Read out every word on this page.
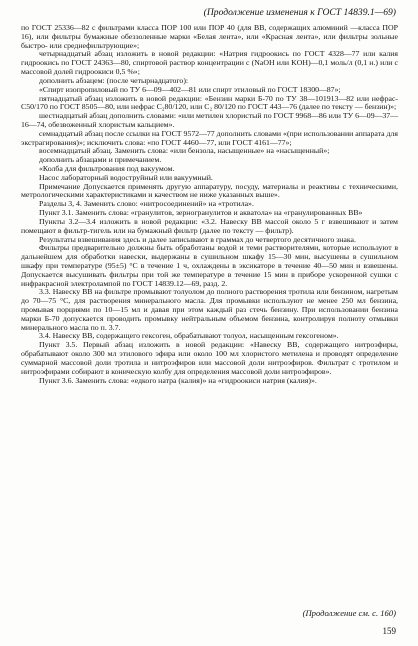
(Продолжение изменения к ГОСТ 14839.1—69)

по ГОСТ 25336—82 с фильтрами класса ПОР 100 или ПОР 40 (для ВВ, содержащих алюминий —класса ПОР 16), или фильтры бумажные обеззоленные марки «Белая лента», или «Красная лента», или фильтры зольные быстро- или среднефильтрующие»;

четырнадцатый абзац изложить в новой редакции: «Натрия гидроокись по ГОСТ 4328—77 или калия гидроокись по ГОСТ 24363—80, спиртовой раствор концентрации с (NaOH или KOH)—0,1 моль/л (0,1 н.) или с массовой долей гидроокиси 0,5 %»;

дополнить абзацем: (после четырнадцатого):

«Спирт изопропиловый по ТУ 6—09—402—81 или спирт этиловый по ГОСТ 18300—87»;

пятнадцатый абзац изложить в новой редакции: «Бензин марки Б-70 по ТУ 38—101913—82 или нефрас-С50/170 по ГОСТ 8505—80, или нефрас С₂80/120, или С₂ 80/120 по ГОСТ 443—76 (далее по тексту — бензин)»;

шестнадцатый абзац дополнить словами: «или метилен хлористый по ГОСТ 9968—86 или ТУ 6—09—37—16—74, обезвоженный хлористым кальцием».

семнадцатый абзац после ссылки на ГОСТ 9572—77 дополнить словами «(при использовании аппарата для экстрагирования)»; исключить слова: «по ГОСТ 4460—77, или ГОСТ 4161—77»;

восемнадцатый абзац. Заменить слова: «или бензола, насыщенные» на «насыщенный»;

дополнить абзацами и примечанием.

«Колба для фильтрования под вакуумом.

Насос лабораторный водоструйный или вакуумный.

Примечание Допускается применять другую аппаратуру, посуду, материалы и реактивы с техническими, метрологическими характеристиками и качеством не ниже указанных выше».

Разделы 3, 4. Заменить слово: «нитросоединений» на «тротила».

Пункт 3.1. Заменить слова: «гранулитов, зерногранулитов и акватола» на «гранулированных ВВ»

Пункты 3.2—3.4 изложить в новой редакции: «3.2. Навеску ВВ массой около 5 г взвешивают и затем помещают в фильтр-тигель или на бумажный фильтр (далее по тексту — фильтр).

Результаты взвешивания здесь и далее записывают в граммах до четвертого десятичного знака.

Фильтры предварительно должны быть обработаны водой и теми растворителями, которые используют в дальнейшем для обработки навески, выдержаны в сушильном шкафу 15—30 мин, высушены в сушильном шкафу при температуре (95±5) °С в течение 1 ч, охлаждены в эксикаторе в течение 40—50 мин и взвешены. Допускается высушивать фильтры при той же температуре в течение 15 мин в приборе ускоренной сушки с инфракрасной электролампой по ГОСТ 14839.12—69, разд. 2.

3.3. Навеску ВВ на фильтре промывают толуолом до полного растворения тротила или бензином, нагретым до 70—75 °С, для растворения минерального масла. Для промывки используют не менее 250 мл бензина, промывая порциями по 10—15 мл и давая при этом каждый раз стечь бензину. При использовании бензина марки Б-70 допускается проводить промывку нейтральным объемом бензина, контролируя полноту отмывки минерального масла по п. 3.7.

3.4. Навеску ВВ, содержащего гексоген, обрабатывают толуол, насыщенным гексогеном».

Пункт 3.5. Первый абзац изложить в новой редакции: «Навеску ВВ, содержащего нитроэфиры, обрабатывают около 300 мл этилового эфира или около 100 мл хлористого метилена и проводят определение суммарной массовой доли тротила и нитроэфиров или массовой доли нитроэфиров. Фильтрат с тротилом и нитроэфирами собирают в коническую колбу для определения массовой доли нитроэфиров».

Пункт 3.6. Заменить слова: «едкого натра (калия)» на «гидроокиси натрия (калия)».

(Продолжение см. с. 160)
159
